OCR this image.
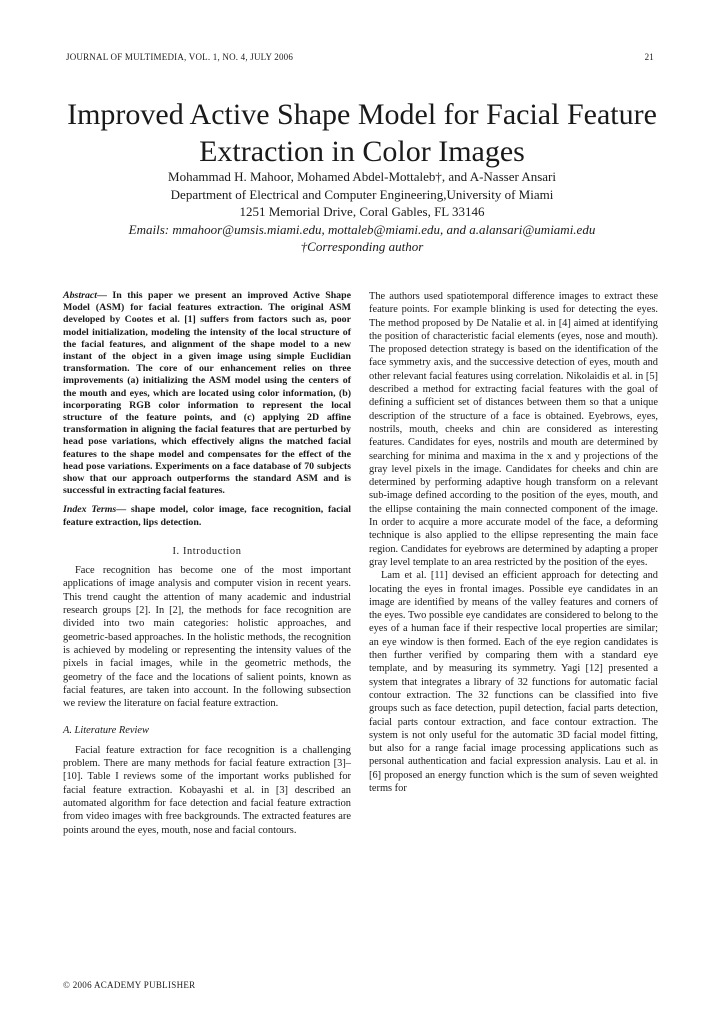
JOURNAL OF MULTIMEDIA, VOL. 1, NO. 4, JULY 2006	21
Improved Active Shape Model for Facial Feature
Extraction in Color Images
Mohammad H. Mahoor, Mohamed Abdel-Mottaleb†, and A-Nasser Ansari
Department of Electrical and Computer Engineering,University of Miami
1251 Memorial Drive, Coral Gables, FL 33146
Emails: mmahoor@umsis.miami.edu, mottaleb@miami.edu, and a.alansari@umiami.edu
†Corresponding author
Abstract— In this paper we present an improved Active Shape Model (ASM) for facial features extraction. The original ASM developed by Cootes et al. [1] suffers from factors such as, poor model initialization, modeling the intensity of the local structure of the facial features, and alignment of the shape model to a new instant of the object in a given image using simple Euclidian transformation. The core of our enhancement relies on three improvements (a) initializing the ASM model using the centers of the mouth and eyes, which are located using color information, (b) incorporating RGB color information to represent the local structure of the feature points, and (c) applying 2D affine transformation in aligning the facial features that are perturbed by head pose variations, which effectively aligns the matched facial features to the shape model and compensates for the effect of the head pose variations. Experiments on a face database of 70 subjects show that our approach outperforms the standard ASM and is successful in extracting facial features.
Index Terms— shape model, color image, face recognition, facial feature extraction, lips detection.
I. Introduction

Face recognition has become one of the most important applications of image analysis and computer vision in recent years. This trend caught the attention of many academic and industrial research groups [2]. In [2], the methods for face recognition are divided into two main categories: holistic approaches, and geometric-based approaches. In the holistic methods, the recognition is achieved by modeling or representing the intensity values of the pixels in facial images, while in the geometric methods, the geometry of the face and the locations of salient points, known as facial features, are taken into account. In the following subsection we review the literature on facial feature extraction.

A. Literature Review

Facial feature extraction for face recognition is a challenging problem. There are many methods for facial feature extraction [3]–[10]. Table I reviews some of the important works published for facial feature extraction. Kobayashi et al. in [3] described an automated algorithm for face detection and facial feature extraction from video images with free backgrounds. The extracted features are points around the eyes, mouth, nose and facial contours.

The authors used spatiotemporal difference images to extract these feature points. For example blinking is used for detecting the eyes. The method proposed by De Natalie et al. in [4] aimed at identifying the position of characteristic facial elements (eyes, nose and mouth). The proposed detection strategy is based on the identification of the face symmetry axis, and the successive detection of eyes, mouth and other relevant facial features using correlation. Nikolaidis et al. in [5] described a method for extracting facial features with the goal of defining a sufficient set of distances between them so that a unique description of the structure of a face is obtained. Eyebrows, eyes, nostrils, mouth, cheeks and chin are considered as interesting features. Candidates for eyes, nostrils and mouth are determined by searching for minima and maxima in the x and y projections of the gray level pixels in the image. Candidates for cheeks and chin are determined by performing adaptive hough transform on a relevant sub-image defined according to the position of the eyes, mouth, and the ellipse containing the main connected component of the image. In order to acquire a more accurate model of the face, a deforming technique is also applied to the ellipse representing the main face region. Candidates for eyebrows are determined by adapting a proper gray level template to an area restricted by the position of the eyes.

Lam et al. [11] devised an efficient approach for detecting and locating the eyes in frontal images. Possible eye candidates in an image are identified by means of the valley features and corners of the eyes. Two possible eye candidates are considered to belong to the eyes of a human face if their respective local properties are similar; an eye window is then formed. Each of the eye region candidates is then further verified by comparing them with a standard eye template, and by measuring its symmetry. Yagi [12] presented a system that integrates a library of 32 functions for automatic facial contour extraction. The 32 functions can be classified into five groups such as face detection, pupil detection, facial parts detection, facial parts contour extraction, and face contour extraction. The system is not only useful for the automatic 3D facial model fitting, but also for a range facial image processing applications such as personal authentication and facial expression analysis. Lau et al. in [6] proposed an energy function which is the sum of seven weighted terms for

© 2006 ACADEMY PUBLISHER
